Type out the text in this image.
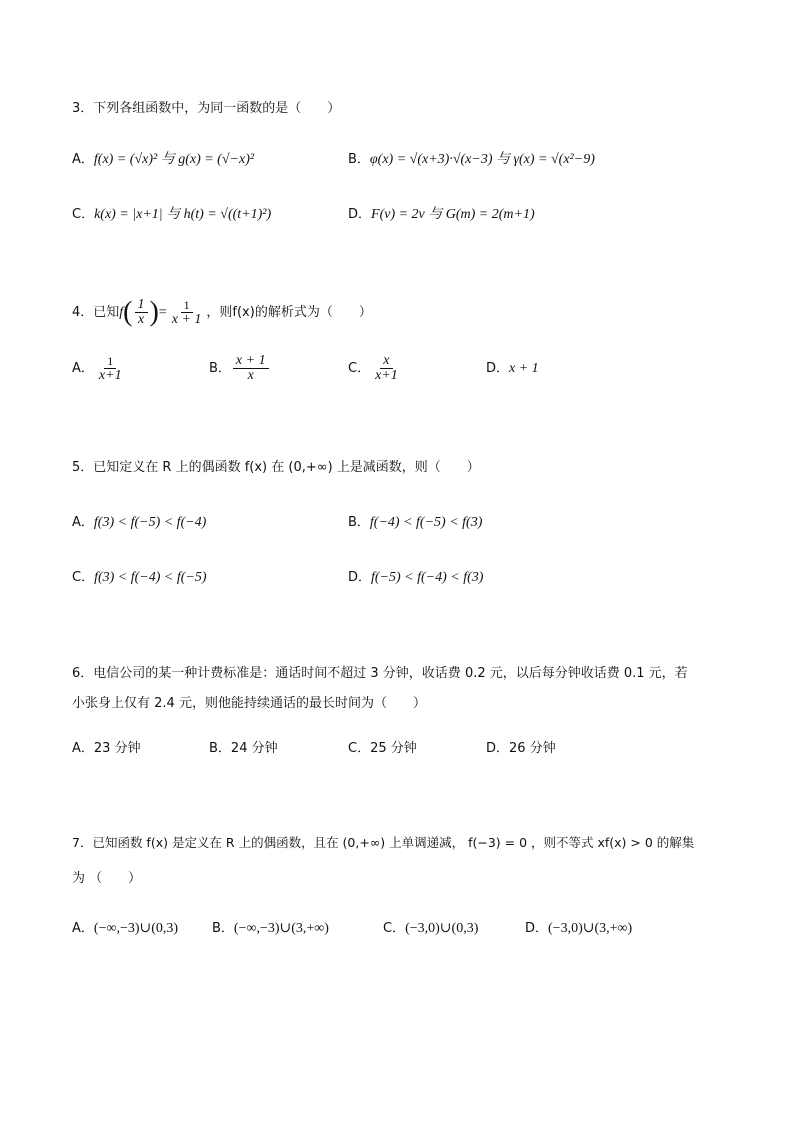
3．下列各组函数中，为同一函数的是（　　）
A．f(x) = (√x)² 与 g(x) = (√−x)²	B．φ(x) = √(x+3)·√(x−3) 与 γ(x) = √(x²−9)
C．k(x) = |x+1| 与 h(t) = √((t+1)²)	D．F(ν) = 2ν 与 G(m) = 2(m+1)
4．已知$f( \frac{1}{x}$ )= $\frac{1}{x + 1}$ ，则f(x)的解析式为（　　）
A． $\frac{1}{x+1}$	B． $\frac{x + 1}{x}$	C． $\frac{x}{x+1}$	D．x + 1
5．已知定义在 R 上的偶函数 f(x) 在 (0,+∞) 上是减函数，则（　　）
A．f(3) < f(−5) < f(−4)	B．f(−4) < f(−5) < f(3)
C．f(3) < f(−4) < f(−5)	D．f(−5) < f(−4) < f(3)
6．电信公司的某一种计费标准是：通话时间不超过 3 分钟，收话费 0.2 元，以后每分钟收话费 0.1 元，若
小张身上仅有 2.4 元，则他能持续通话的最长时间为（　　）
A．23 分钟	B．24 分钟	C．25 分钟	D．26 分钟
7．已知函数 f(x) 是定义在 R 上的偶函数，且在 (0,+∞) 上单调递减， f(−3) = 0 ，则不等式 xf(x) > 0 的解集
为 （　　）
A．(−∞,−3)∪(0,3)	B．(−∞,−3)∪(3,+∞)	C．(−3,0)∪(0,3)	D．(−3,0)∪(3,+∞)
